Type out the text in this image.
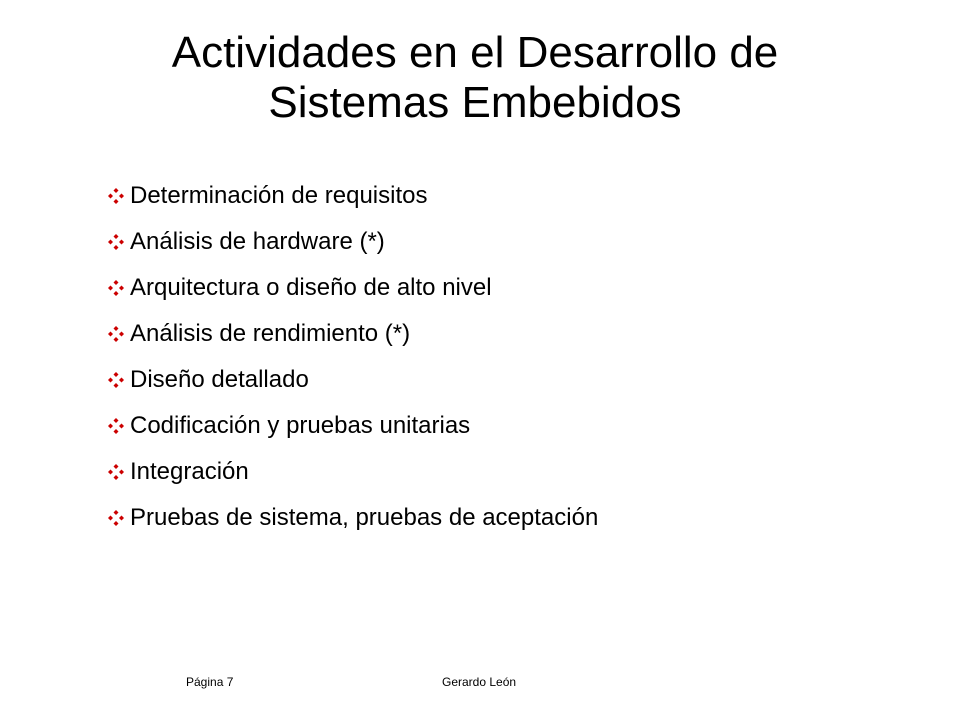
Actividades en el Desarrollo de
Sistemas Embebidos
Determinación de requisitos
Análisis de hardware (*)
Arquitectura o diseño de alto nivel
Análisis de rendimiento (*)
Diseño detallado
Codificación y pruebas unitarias
Integración
Pruebas de sistema, pruebas de aceptación
Página 7	Gerardo León
